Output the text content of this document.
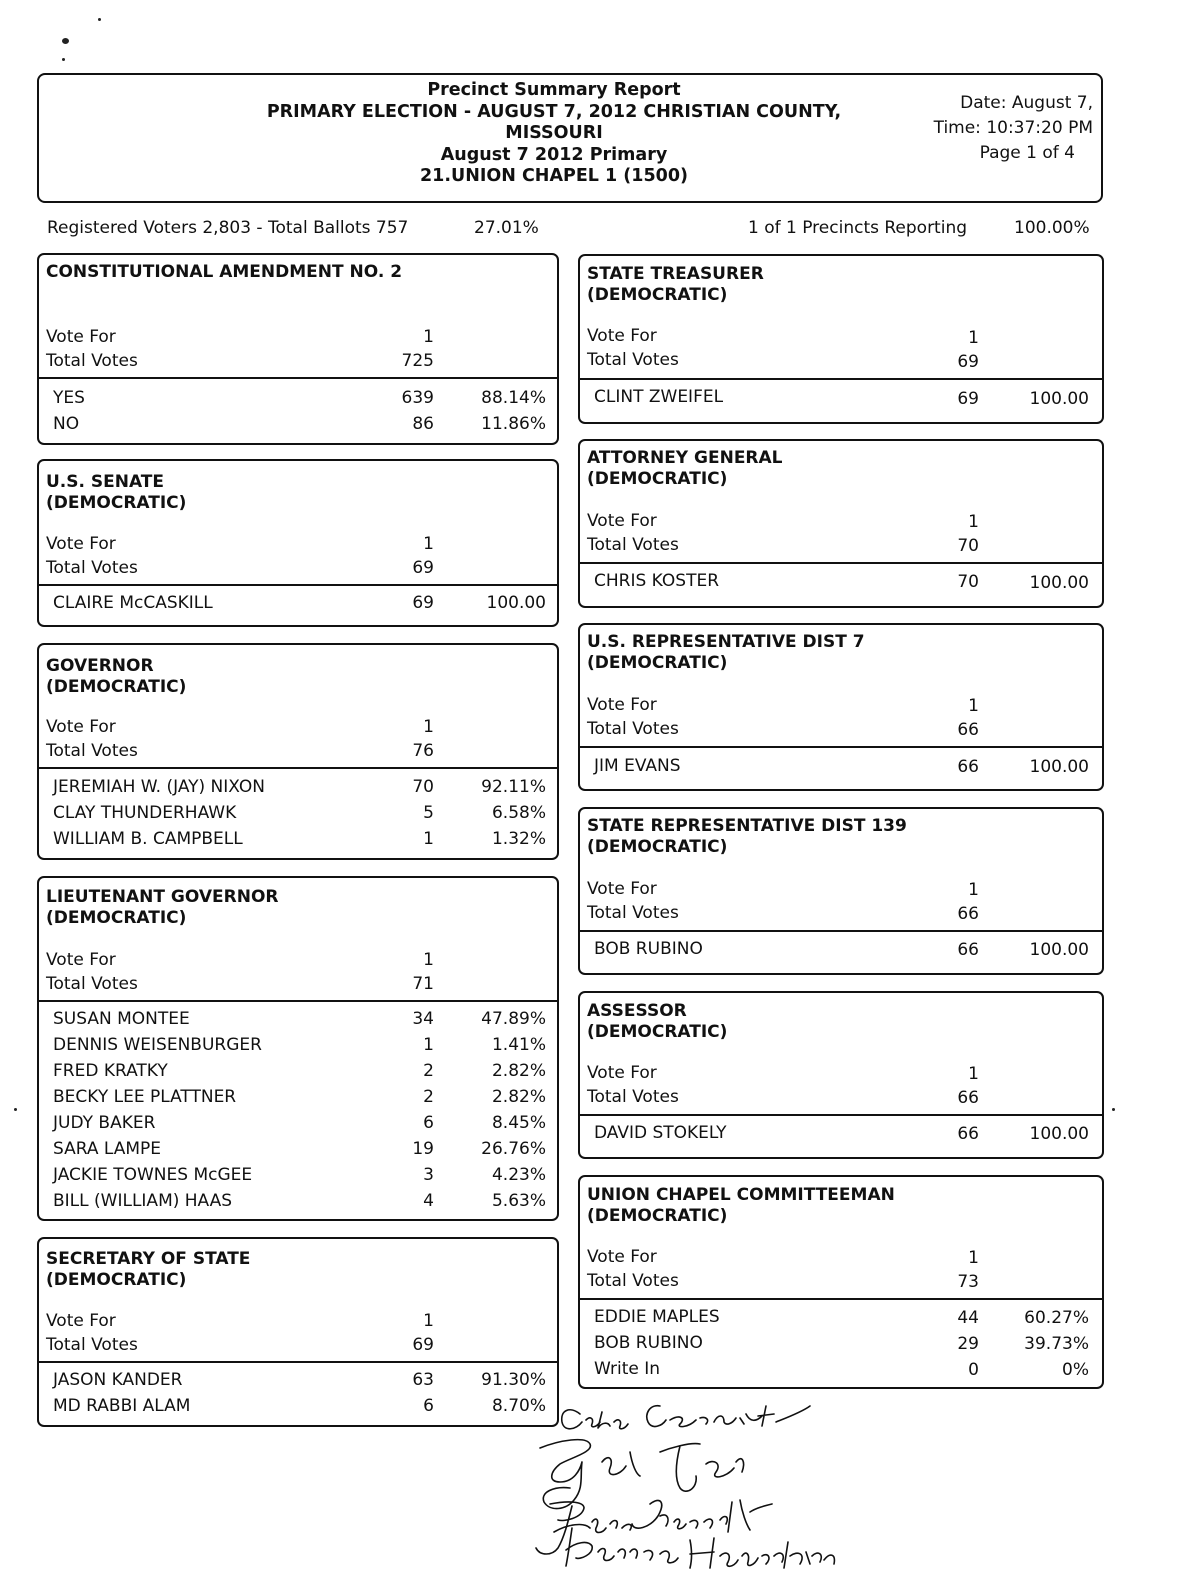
Precinct Summary Report
PRIMARY ELECTION - AUGUST 7, 2012 CHRISTIAN COUNTY,
MISSOURI
August 7 2012 Primary
21.UNION CHAPEL 1 (1500)
Date: August 7,
Time: 10:37:20 PM
Page 1 of 4
Registered Voters 2,803 - Total Ballots 757	27.01%	1 of 1 Precincts Reporting	100.00%
CONSTITUTIONAL AMENDMENT NO. 2
Vote For	1
Total Votes	725
YES	639	88.14%
NO	86	11.86%
U.S. SENATE
(DEMOCRATIC)
Vote For	1
Total Votes	69
CLAIRE McCASKILL	69	100.00
GOVERNOR
(DEMOCRATIC)
Vote For	1
Total Votes	76
JEREMIAH W. (JAY) NIXON	70	92.11%
CLAY THUNDERHAWK	5	6.58%
WILLIAM B. CAMPBELL	1	1.32%
LIEUTENANT GOVERNOR
(DEMOCRATIC)
Vote For	1
Total Votes	71
SUSAN MONTEE	34	47.89%
DENNIS WEISENBURGER	1	1.41%
FRED KRATKY	2	2.82%
BECKY LEE PLATTNER	2	2.82%
JUDY BAKER	6	8.45%
SARA LAMPE	19	26.76%
JACKIE TOWNES McGEE	3	4.23%
BILL (WILLIAM) HAAS	4	5.63%
SECRETARY OF STATE
(DEMOCRATIC)
Vote For	1
Total Votes	69
JASON KANDER	63	91.30%
MD RABBI ALAM	6	8.70%
STATE TREASURER
(DEMOCRATIC)
Vote For	1
Total Votes	69
CLINT ZWEIFEL	69	100.00
ATTORNEY GENERAL
(DEMOCRATIC)
Vote For	1
Total Votes	70
CHRIS KOSTER	70	100.00
U.S. REPRESENTATIVE DIST 7
(DEMOCRATIC)
Vote For	1
Total Votes	66
JIM EVANS	66	100.00
STATE REPRESENTATIVE DIST 139
(DEMOCRATIC)
Vote For	1
Total Votes	66
BOB RUBINO	66	100.00
ASSESSOR
(DEMOCRATIC)
Vote For	1
Total Votes	66
DAVID STOKELY	66	100.00
UNION CHAPEL COMMITTEEMAN
(DEMOCRATIC)
Vote For	1
Total Votes	73
EDDIE MAPLES	44	60.27%
BOB RUBINO	29	39.73%
Write In	0	0%
